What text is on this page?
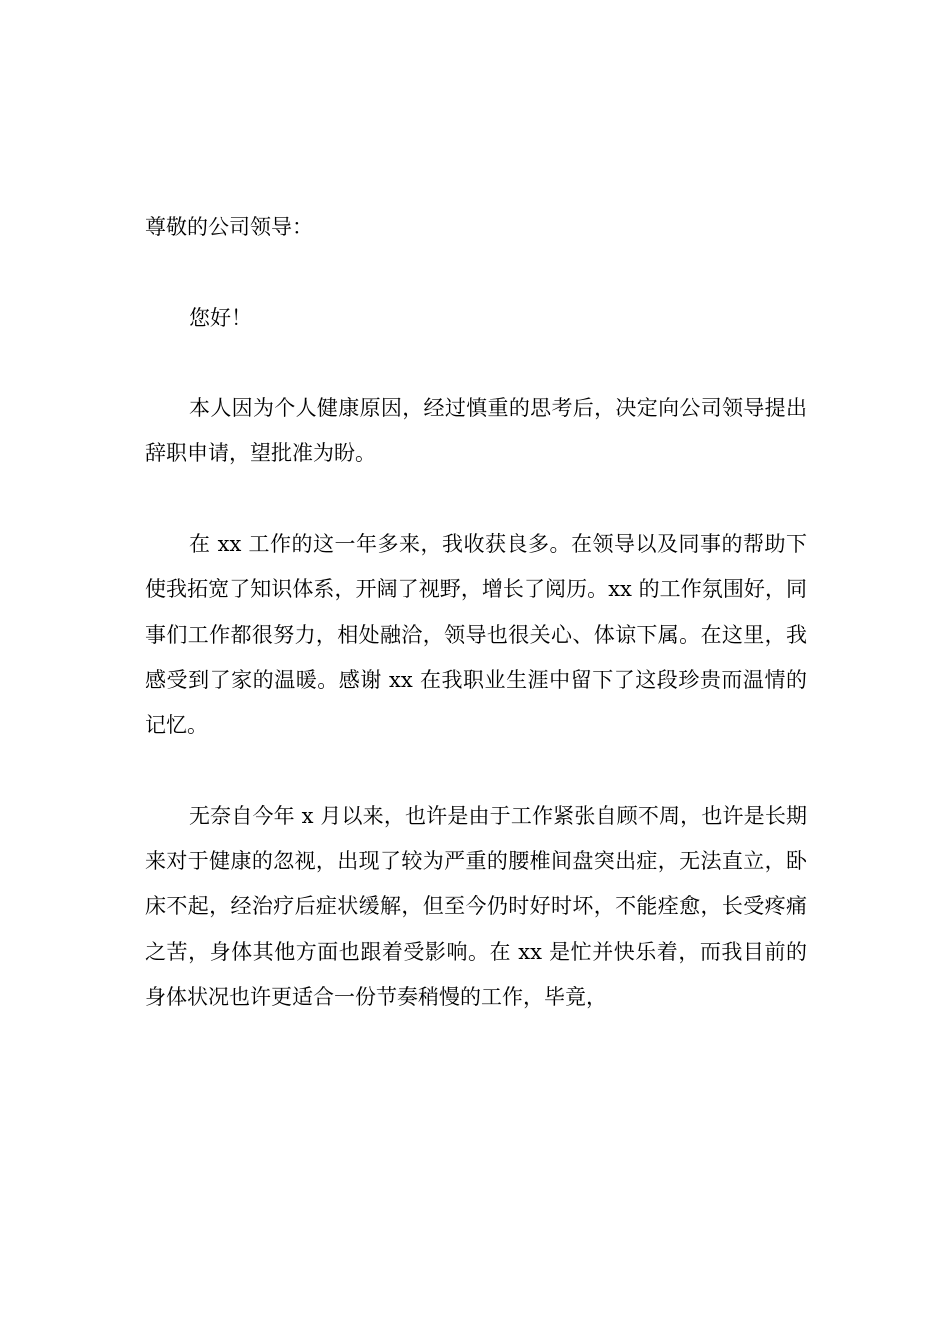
尊敬的公司领导：

您好！

本人因为个人健康原因，经过慎重的思考后，决定向公司领导提出辞职申请，望批准为盼。

在 xx 工作的这一年多来，我收获良多。在领导以及同事的帮助下使我拓宽了知识体系，开阔了视野，增长了阅历。xx 的工作氛围好，同事们工作都很努力，相处融洽，领导也很关心、体谅下属。在这里，我感受到了家的温暖。感谢 xx 在我职业生涯中留下了这段珍贵而温情的记忆。

无奈自今年 x 月以来，也许是由于工作紧张自顾不周，也许是长期来对于健康的忽视，出现了较为严重的腰椎间盘突出症，无法直立，卧床不起，经治疗后症状缓解，但至今仍时好时坏，不能痊愈，长受疼痛之苦，身体其他方面也跟着受影响。在 xx 是忙并快乐着，而我目前的身体状况也许更适合一份节奏稍慢的工作，毕竟，
